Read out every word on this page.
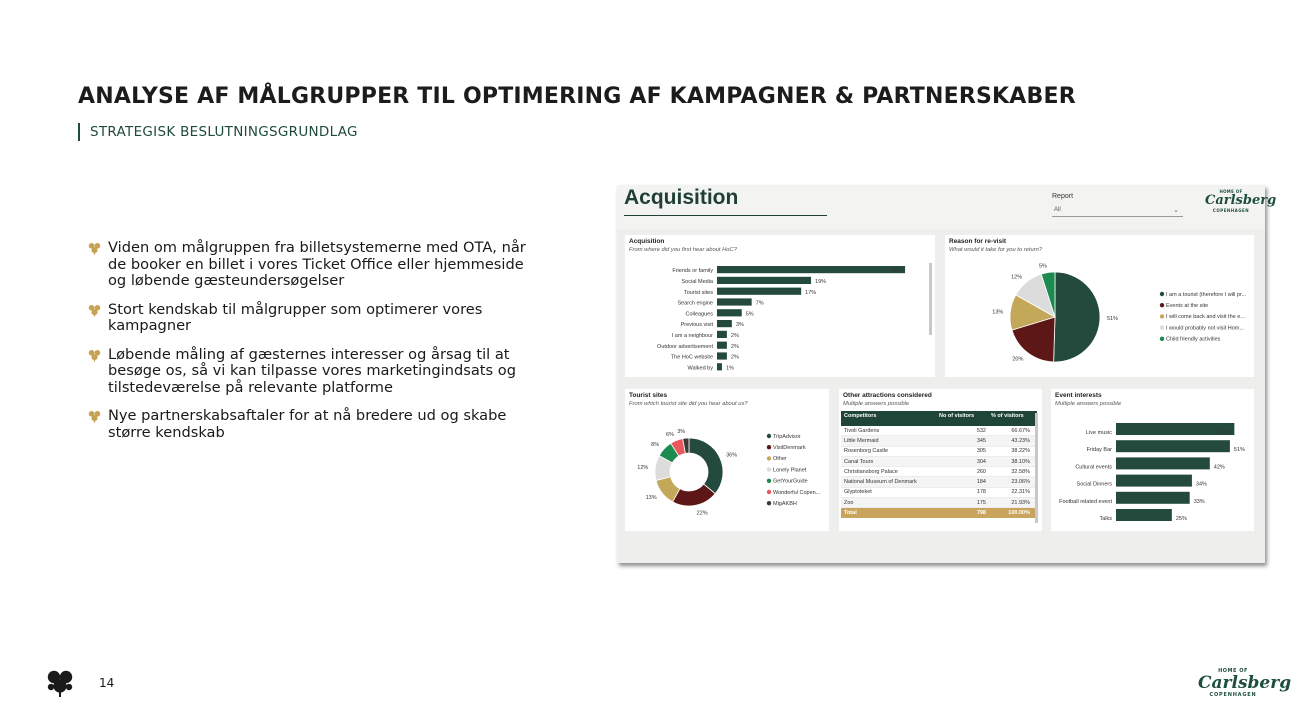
ANALYSE AF MÅLGRUPPER TIL OPTIMERING AF KAMPAGNER & PARTNERSKABER
STRATEGISK BESLUTNINGSGRUNDLAG
Viden om målgruppen fra billetsystemerne med OTA, når de booker en billet i vores Ticket Office eller hjemmeside og løbende gæsteundersøgelser
Stort kendskab til målgrupper som optimerer vores kampagner
Løbende måling af gæsternes interesser og årsag til at besøge os, så vi kan tilpasse vores marketingindsats og tilstedeværelse på relevante platforme
Nye partnerskabsaftaler for at nå bredere ud og skabe større kendskab
Acquisition	Report
All	⌄
HOME OF
Carlsberg
COPENHAGEN
Acquisition
From where did you first hear about HoC?
Friends or family	38%
Social Media	19%
Tourist sites	17%
Search engine	7%
Colleagues	5%
Previous visit	3%
I am a neighbour	2%
Outdoor advertisement	2%
The HoC website	2%
Walked by 1%
Reason for re-visit
What would it take for you to return?
51%
20%
13%
12%
5%
I am a tourist (therefore I will pr...
Events at the site
I will come back and visit the e...
I would probably not visit Hom...
Child friendly activities
Tourist sites
From which tourist site did you hear about us?
36%
22%
13%
12%
8%
6% 3%
TripAdvisor
VisitDenmark
Other
Lonely Planet
GetYourGuide
Wonderful Copen...
MigAKBH
Other attractions considered
Multiple answers possible
Competitors	No of visitors	% of visitors
Tivoli Gardens	532	66.67%
Little Mermaid	345	43.23%
Rosenborg Castle	305	38.22%
Canal Tours	304	38.10%
Christiansborg Palace	260	32.58%
National Museum of Denmark	184	23.06%
Glyptoteket	178	22.31%
Zoo	175	21.93%
Total	798	100.00%
Event interests
Multiple answers possible
Live music	53%
Friday Bar	51%
Cultural events	42%
Social Dinners	34%
Football related event	33%
Talks	25%
14
HOME OF
Carlsberg
COPENHAGEN
